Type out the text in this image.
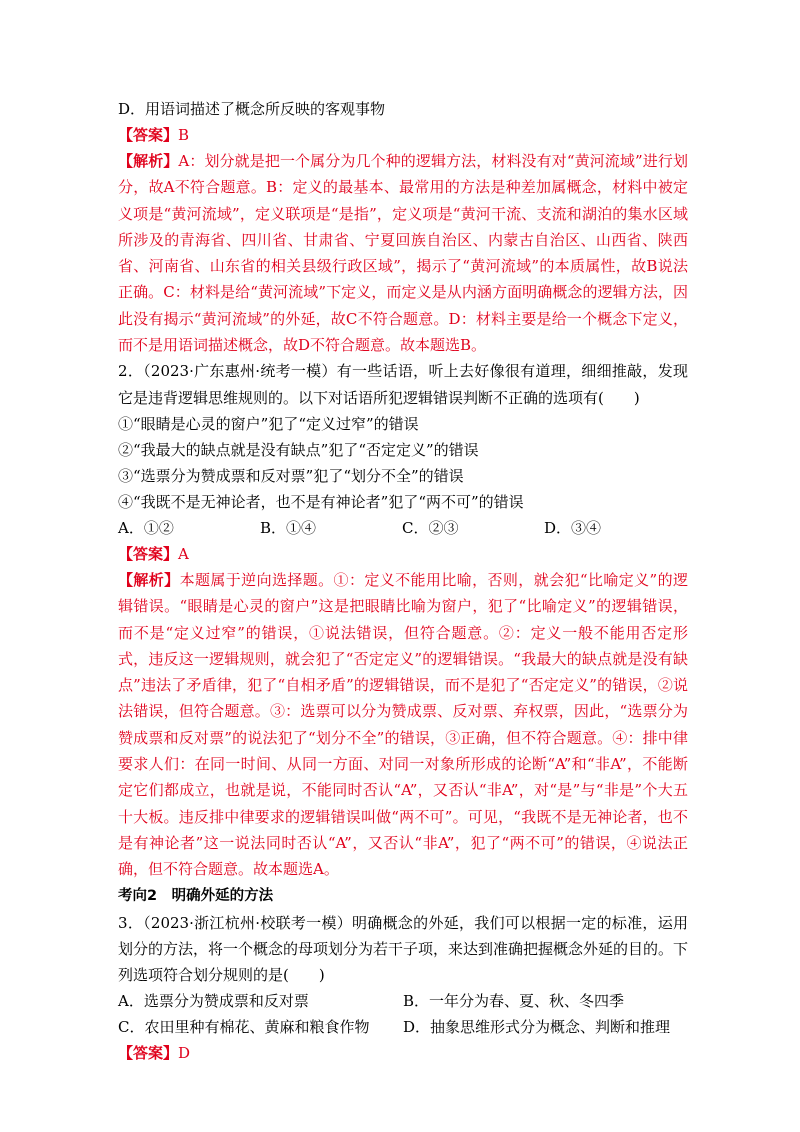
D．用语词描述了概念所反映的客观事物
【答案】B
【解析】A：划分就是把一个属分为几个种的逻辑方法，材料没有对“黄河流域”进行划分，故A不符合题意。B：定义的最基本、最常用的方法是种差加属概念，材料中被定义项是“黄河流域”，定义联项是“是指”，定义项是“黄河干流、支流和湖泊的集水区域所涉及的青海省、四川省、甘肃省、宁夏回族自治区、内蒙古自治区、山西省、陕西省、河南省、山东省的相关县级行政区域”，揭示了“黄河流域”的本质属性，故B说法正确。C：材料是给“黄河流域”下定义，而定义是从内涵方面明确概念的逻辑方法，因此没有揭示“黄河流域”的外延，故C不符合题意。D：材料主要是给一个概念下定义，而不是用语词描述概念，故D不符合题意。故本题选B。
2．（2023·广东惠州·统考一模）有一些话语，听上去好像很有道理，细细推敲，发现它是违背逻辑思维规则的。以下对话语所犯逻辑错误判断不正确的选项有(　　)
①“眼睛是心灵的窗户”犯了“定义过窄”的错误
②“我最大的缺点就是没有缺点”犯了“否定定义”的错误
③“选票分为赞成票和反对票”犯了“划分不全”的错误
④“我既不是无神论者，也不是有神论者”犯了“两不可”的错误
A．①②	B．①④	C．②③	D．③④
【答案】A
【解析】本题属于逆向选择题。①：定义不能用比喻，否则，就会犯“比喻定义”的逻辑错误。“眼睛是心灵的窗户”这是把眼睛比喻为窗户，犯了“比喻定义”的逻辑错误，而不是“定义过窄”的错误，①说法错误，但符合题意。②：定义一般不能用否定形式，违反这一逻辑规则，就会犯了“否定定义”的逻辑错误。“我最大的缺点就是没有缺点”违法了矛盾律，犯了“自相矛盾”的逻辑错误，而不是犯了“否定定义”的错误，②说法错误，但符合题意。③：选票可以分为赞成票、反对票、弃权票，因此，“选票分为赞成票和反对票”的说法犯了“划分不全”的错误，③正确，但不符合题意。④：排中律要求人们：在同一时间、从同一方面、对同一对象所形成的论断“A”和“非A”，不能断定它们都成立，也就是说，不能同时否认“A”，又否认“非A”，对“是”与“非是”个大五十大板。违反排中律要求的逻辑错误叫做“两不可”。可见，“我既不是无神论者，也不是有神论者”这一说法同时否认“A”，又否认“非A”，犯了“两不可”的错误，④说法正确，但不符合题意。故本题选A。
考向2　明确外延的方法
3．（2023·浙江杭州·校联考一模）明确概念的外延，我们可以根据一定的标准，运用划分的方法，将一个概念的母项划分为若干子项，来达到准确把握概念外延的目的。下列选项符合划分规则的是(　　)
A．选票分为赞成票和反对票	B．一年分为春、夏、秋、冬四季
C．农田里种有棉花、黄麻和粮食作物	D．抽象思维形式分为概念、判断和推理
【答案】D
